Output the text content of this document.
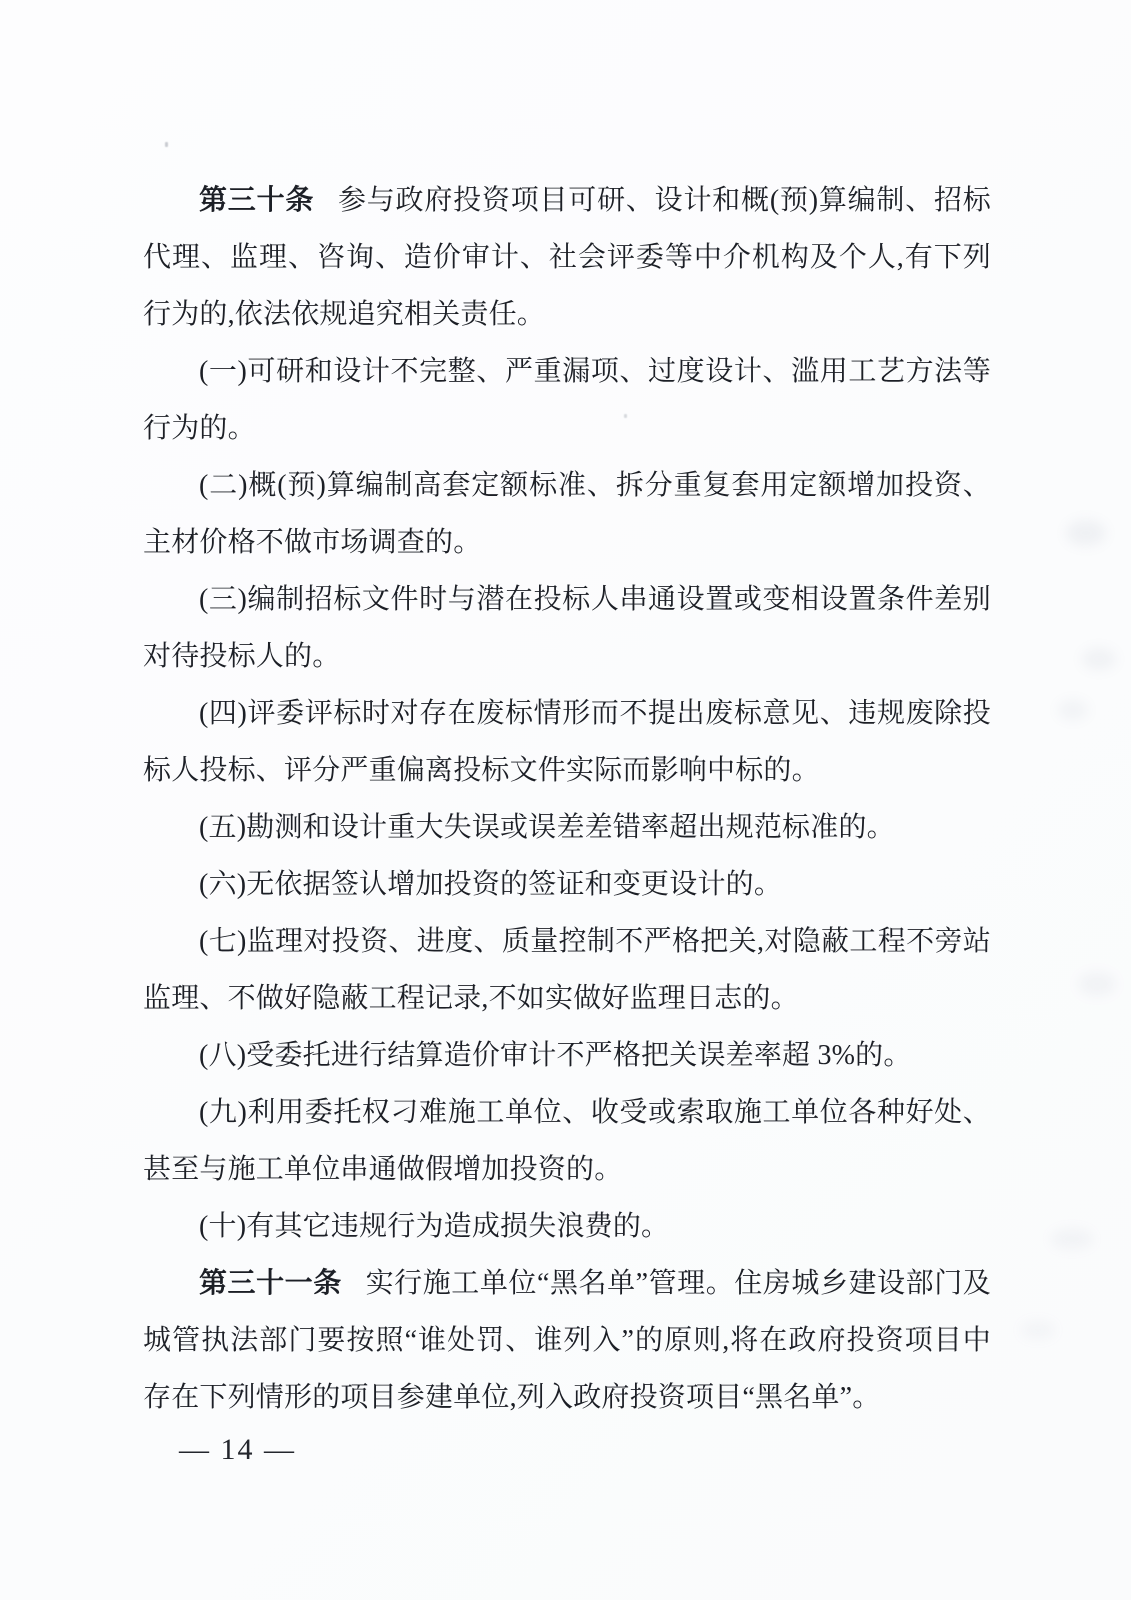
第三十条 参与政府投资项目可研、设计和概(预)算编制、招标代理、监理、咨询、造价审计、社会评委等中介机构及个人,有下列行为的,依法依规追究相关责任。

(一)可研和设计不完整、严重漏项、过度设计、滥用工艺方法等行为的。

(二)概(预)算编制高套定额标准、拆分重复套用定额增加投资、主材价格不做市场调查的。

(三)编制招标文件时与潜在投标人串通设置或变相设置条件差别对待投标人的。

(四)评委评标时对存在废标情形而不提出废标意见、违规废除投标人投标、评分严重偏离投标文件实际而影响中标的。

(五)勘测和设计重大失误或误差差错率超出规范标准的。

(六)无依据签认增加投资的签证和变更设计的。

(七)监理对投资、进度、质量控制不严格把关,对隐蔽工程不旁站监理、不做好隐蔽工程记录,不如实做好监理日志的。

(八)受委托进行结算造价审计不严格把关误差率超 3%的。

(九)利用委托权刁难施工单位、收受或索取施工单位各种好处、甚至与施工单位串通做假增加投资的。

(十)有其它违规行为造成损失浪费的。

第三十一条 实行施工单位“黑名单”管理。住房城乡建设部门及城管执法部门要按照“谁处罚、谁列入”的原则,将在政府投资项目中存在下列情形的项目参建单位,列入政府投资项目“黑名单”。

— 14 —
